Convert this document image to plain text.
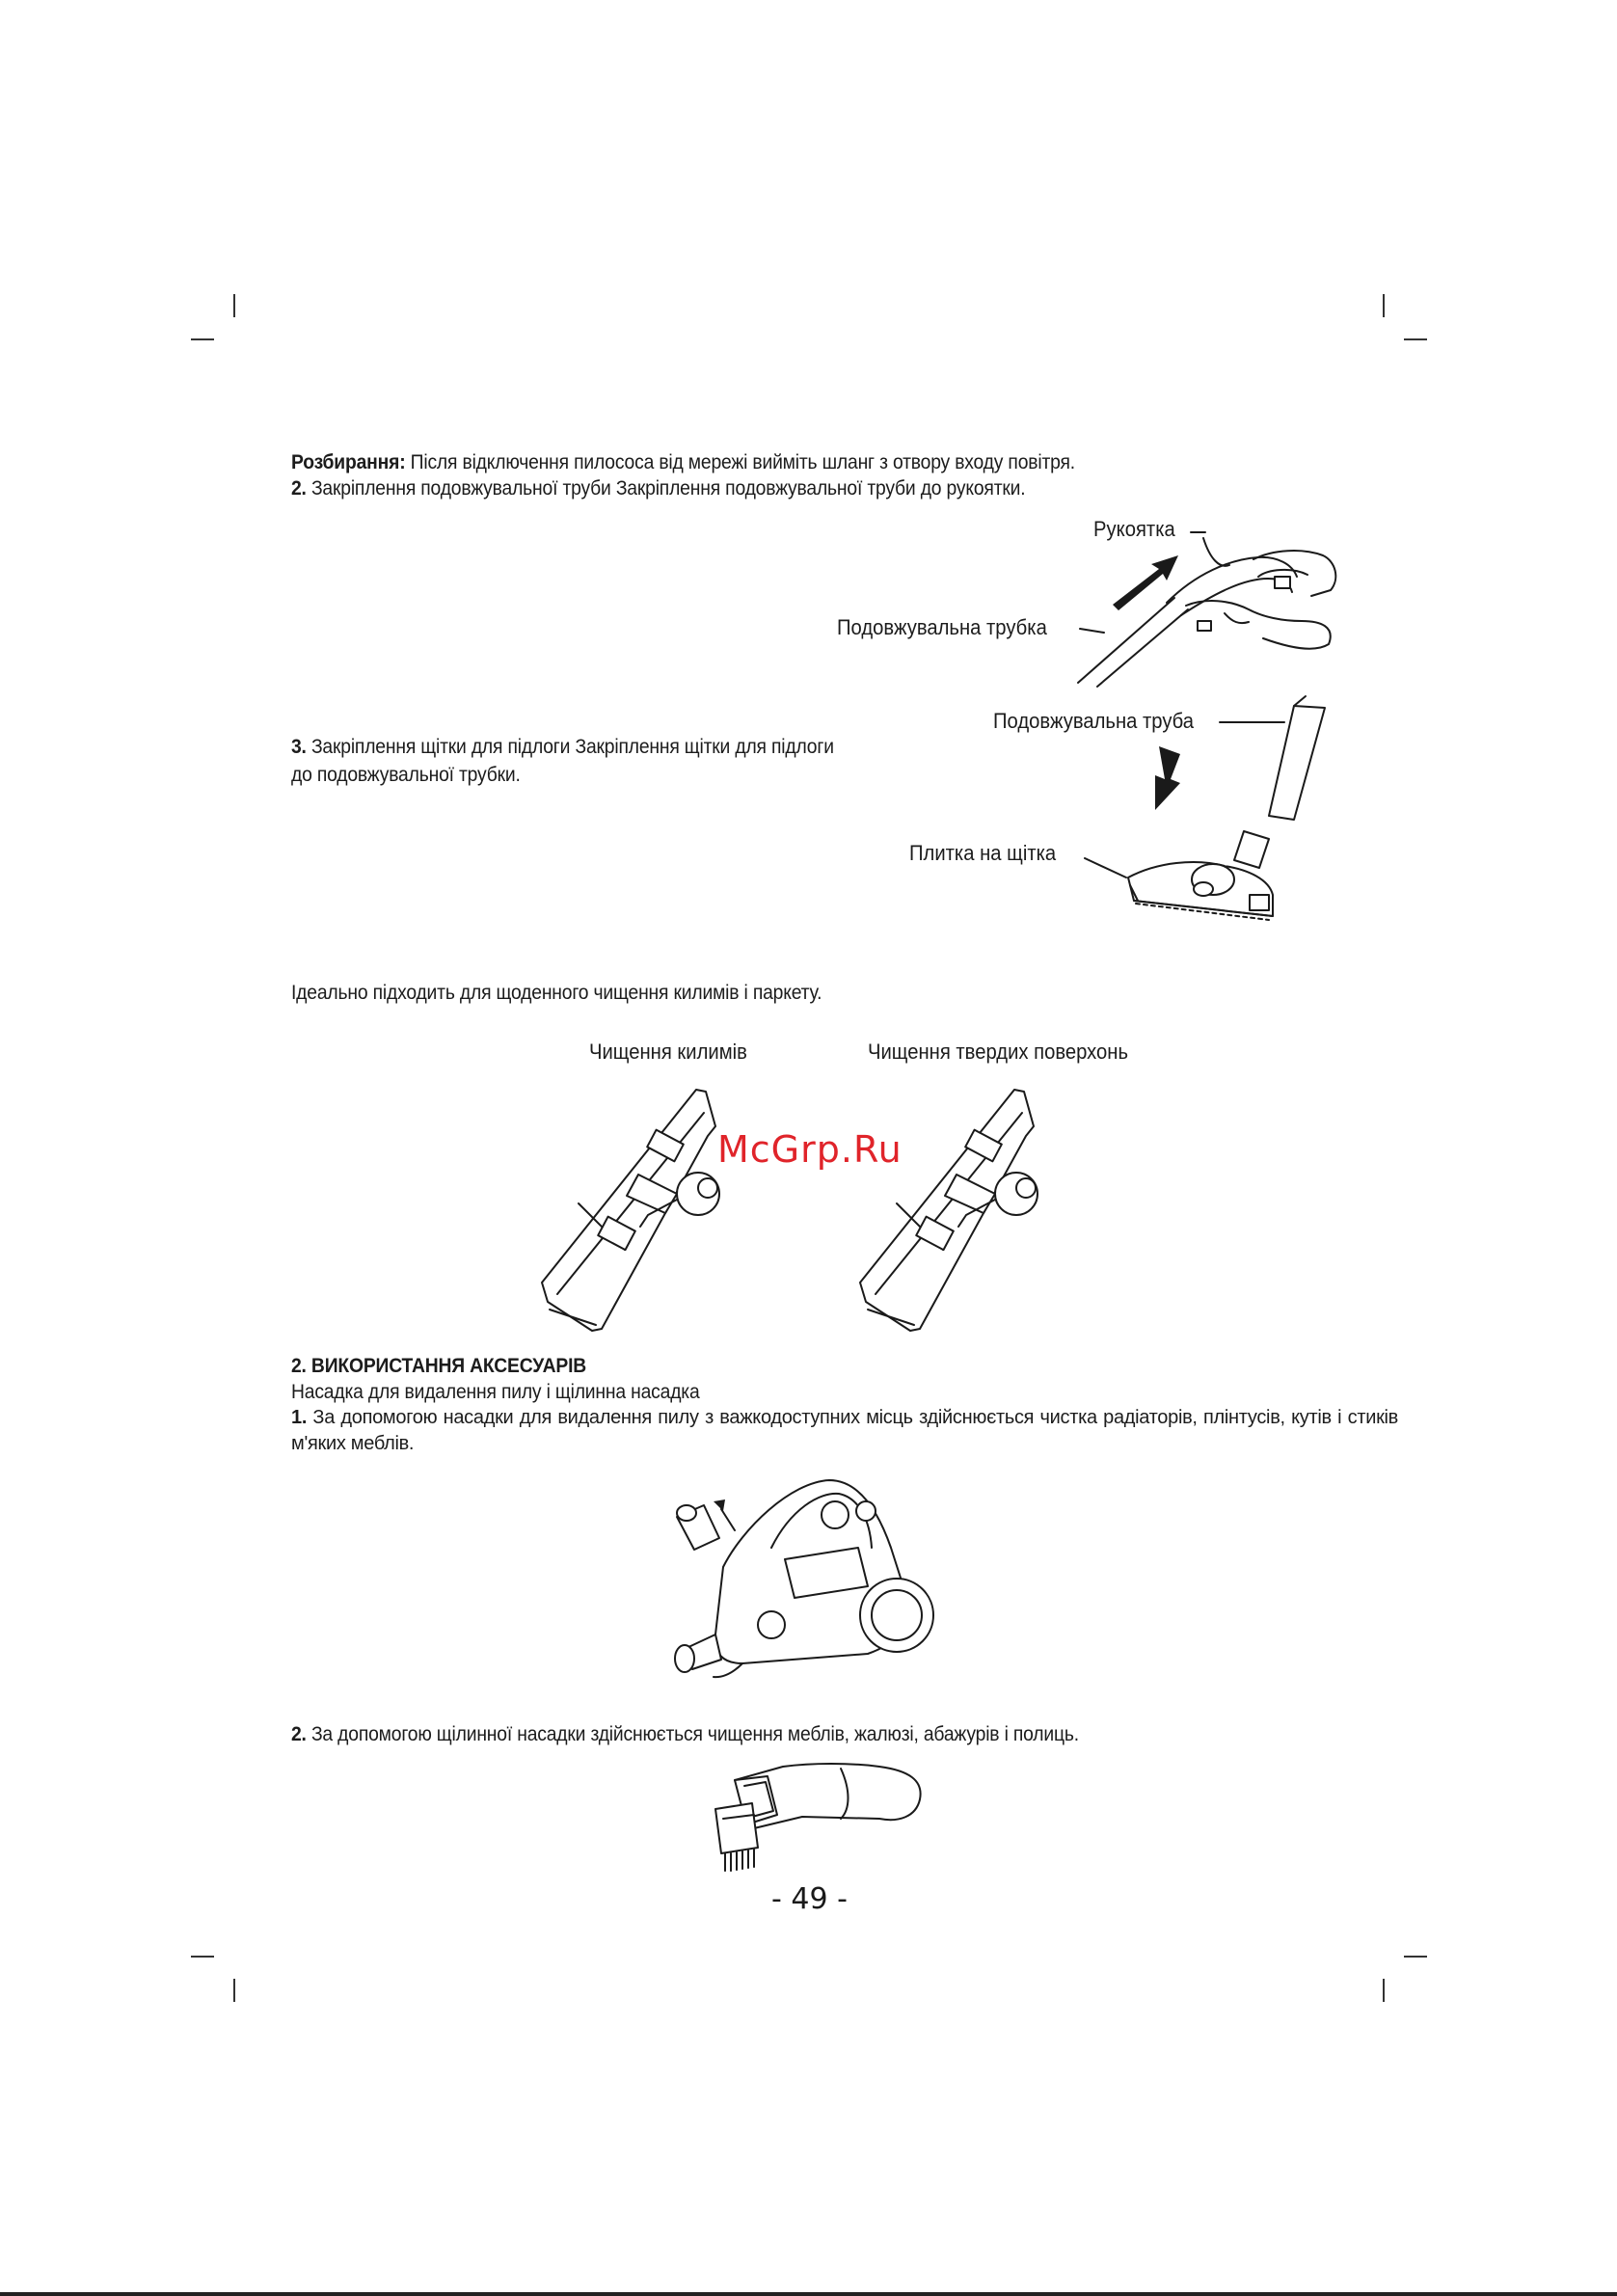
Розбирання: Після відключення пилососа від мережі вийміть шланг з отвору входу повітря.
2. Закріплення подовжувальної труби Закріплення подовжувальної труби до рукоятки.
Рукоятка
Подовжувальна трубка
3. Закріплення щітки для підлоги Закріплення щітки для підлоги
до подовжувальної трубки.
Подовжувальна труба
Плитка на щітка
Ідеально підходить для щоденного чищення килимів і паркету.
Чищення килимів	Чищення твердих поверхонь
McGrp.Ru
2. ВИКОРИСТАННЯ АКСЕСУАРІВ
Насадка для видалення пилу і щілинна насадка
1. За допомогою насадки для видалення пилу з важкодоступних місць здійснюється чистка радіаторів, плінтусів, кутів і стиків м'яких меблів.
2. За допомогою щілинної насадки здійснюється чищення меблів, жалюзі, абажурів і полиць.
- 49 -
